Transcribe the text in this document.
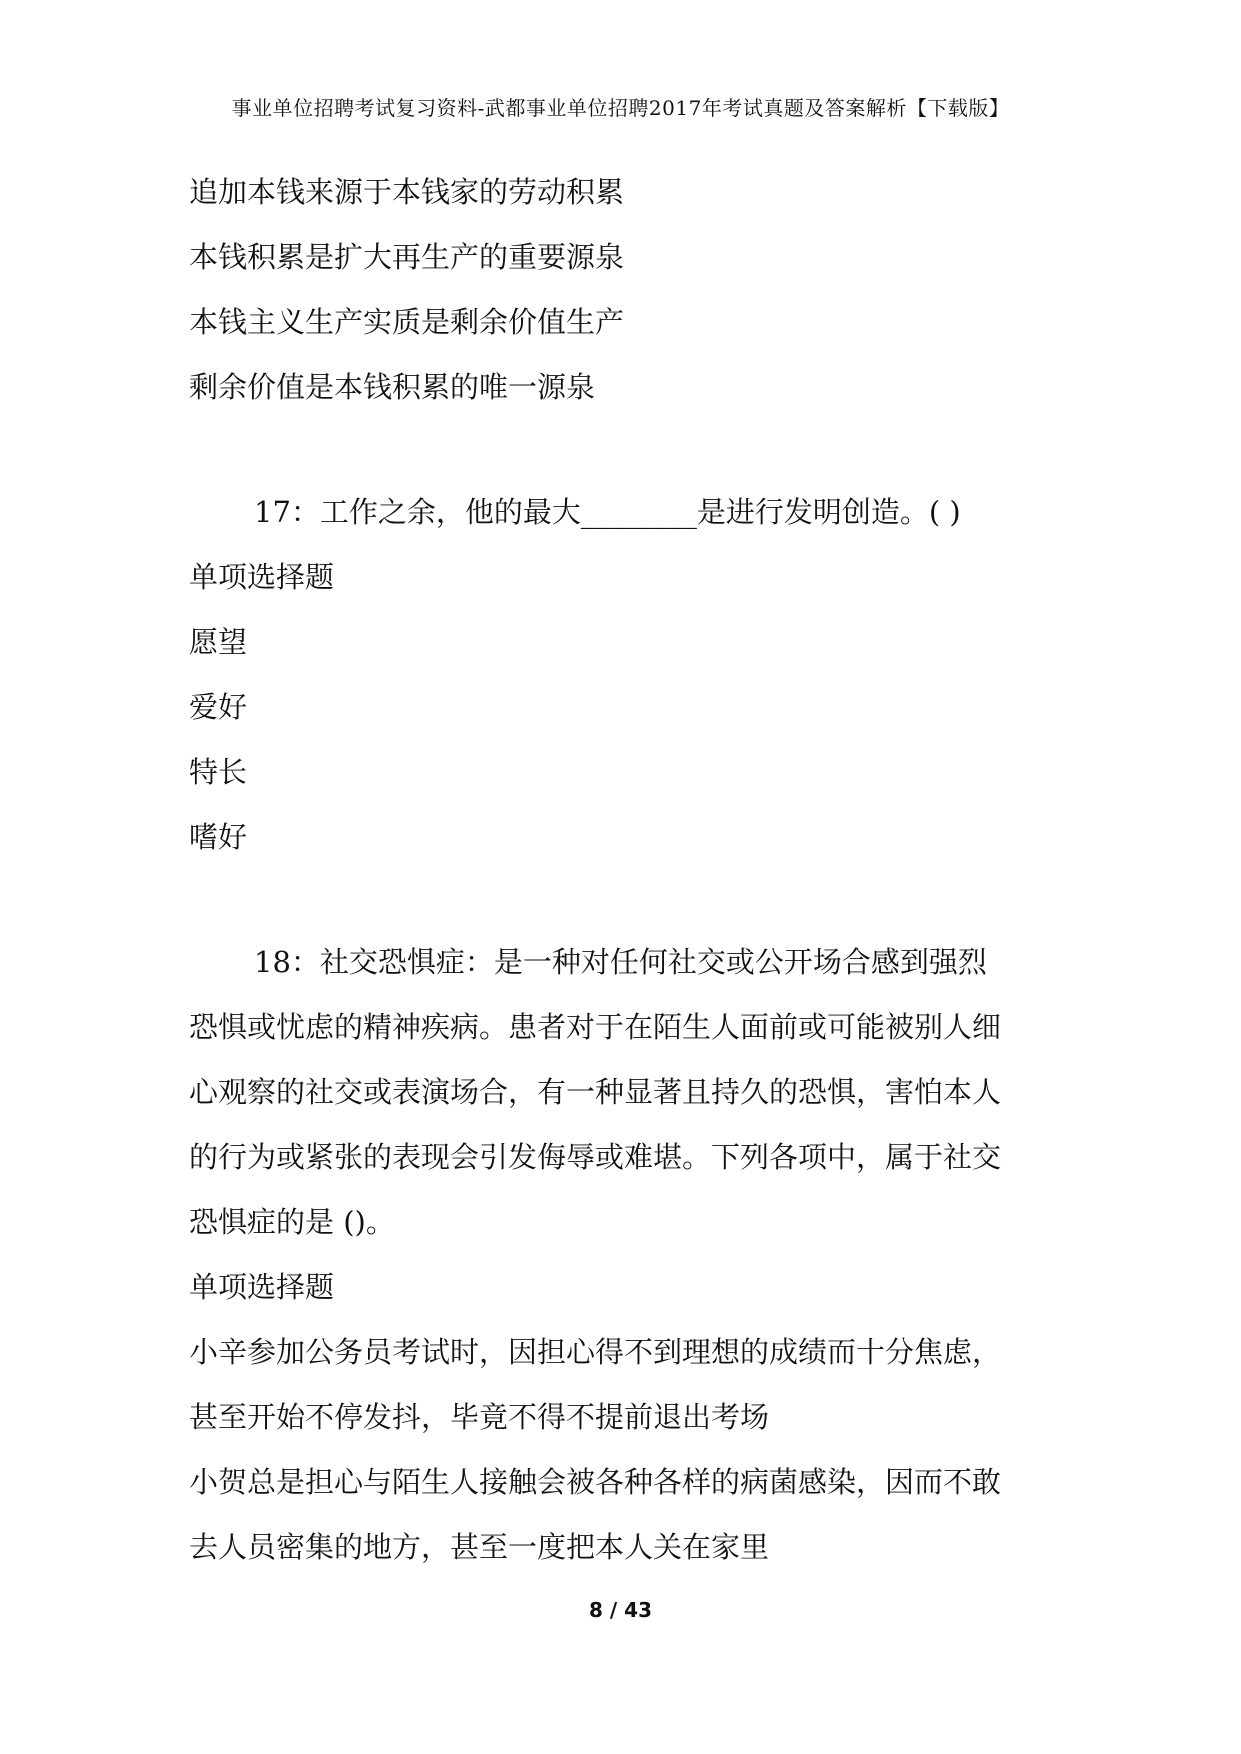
事业单位招聘考试复习资料-武都事业单位招聘2017年考试真题及答案解析【下载版】
追加本钱来源于本钱家的劳动积累
本钱积累是扩大再生产的重要源泉
本钱主义生产实质是剩余价值生产
剩余价值是本钱积累的唯一源泉
17：工作之余，他的最大________是进行发明创造。( )
单项选择题
愿望
爱好
特长
嗜好
18：社交恐惧症：是一种对任何社交或公开场合感到强烈
恐惧或忧虑的精神疾病。患者对于在陌生人面前或可能被别人细
心观察的社交或表演场合，有一种显著且持久的恐惧，害怕本人
的行为或紧张的表现会引发侮辱或难堪。下列各项中，属于社交
恐惧症的是 ()。
单项选择题
小辛参加公务员考试时，因担心得不到理想的成绩而十分焦虑，
甚至开始不停发抖，毕竟不得不提前退出考场
小贺总是担心与陌生人接触会被各种各样的病菌感染，因而不敢
去人员密集的地方，甚至一度把本人关在家里
8 / 43
